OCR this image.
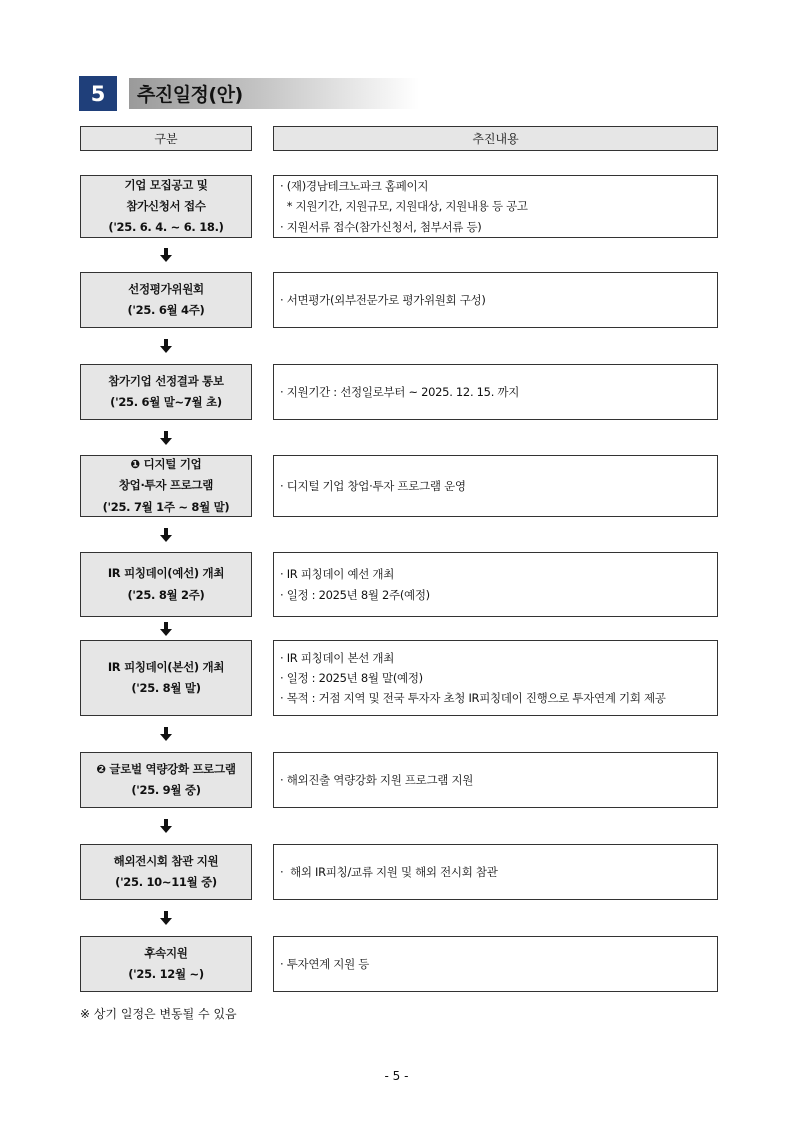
5	추진일정(안)
구분	추진내용
기업 모집공고 및
참가신청서 접수
('25. 6. 4. ~ 6. 18.)
· (재)경남테크노파크 홈페이지
* 지원기간, 지원규모, 지원대상, 지원내용 등 공고
· 지원서류 접수(참가신청서, 첨부서류 등)
선정평가위원회
('25. 6월 4주)
· 서면평가(외부전문가로 평가위원회 구성)
참가기업 선정결과 통보
('25. 6월 말~7월 초)
· 지원기간 : 선정일로부터 ~ 2025. 12. 15. 까지
❶ 디지털 기업
창업·투자 프로그램
('25. 7월 1주 ~ 8월 말)
· 디지털 기업 창업·투자 프로그램 운영
IR 피칭데이(예선) 개최
('25. 8월 2주)
· IR 피칭데이 예선 개최
· 일정 : 2025년 8월 2주(예정)
IR 피칭데이(본선) 개최
('25. 8월 말)
· IR 피칭데이 본선 개최
· 일정 : 2025년 8월 말(예정)
· 목적 : 거점 지역 및 전국 투자자 초청 IR피칭데이 진행으로 투자연계 기회 제공
❷ 글로벌 역량강화 프로그램
('25. 9월 중)
· 해외진출 역량강화 지원 프로그램 지원
해외전시회 참관 지원
('25. 10~11월 중)
·  해외 IR피칭/교류 지원 및 해외 전시회 참관
후속지원
('25. 12월 ~)
· 투자연계 지원 등
※ 상기 일정은 변동될 수 있음
- 5 -
